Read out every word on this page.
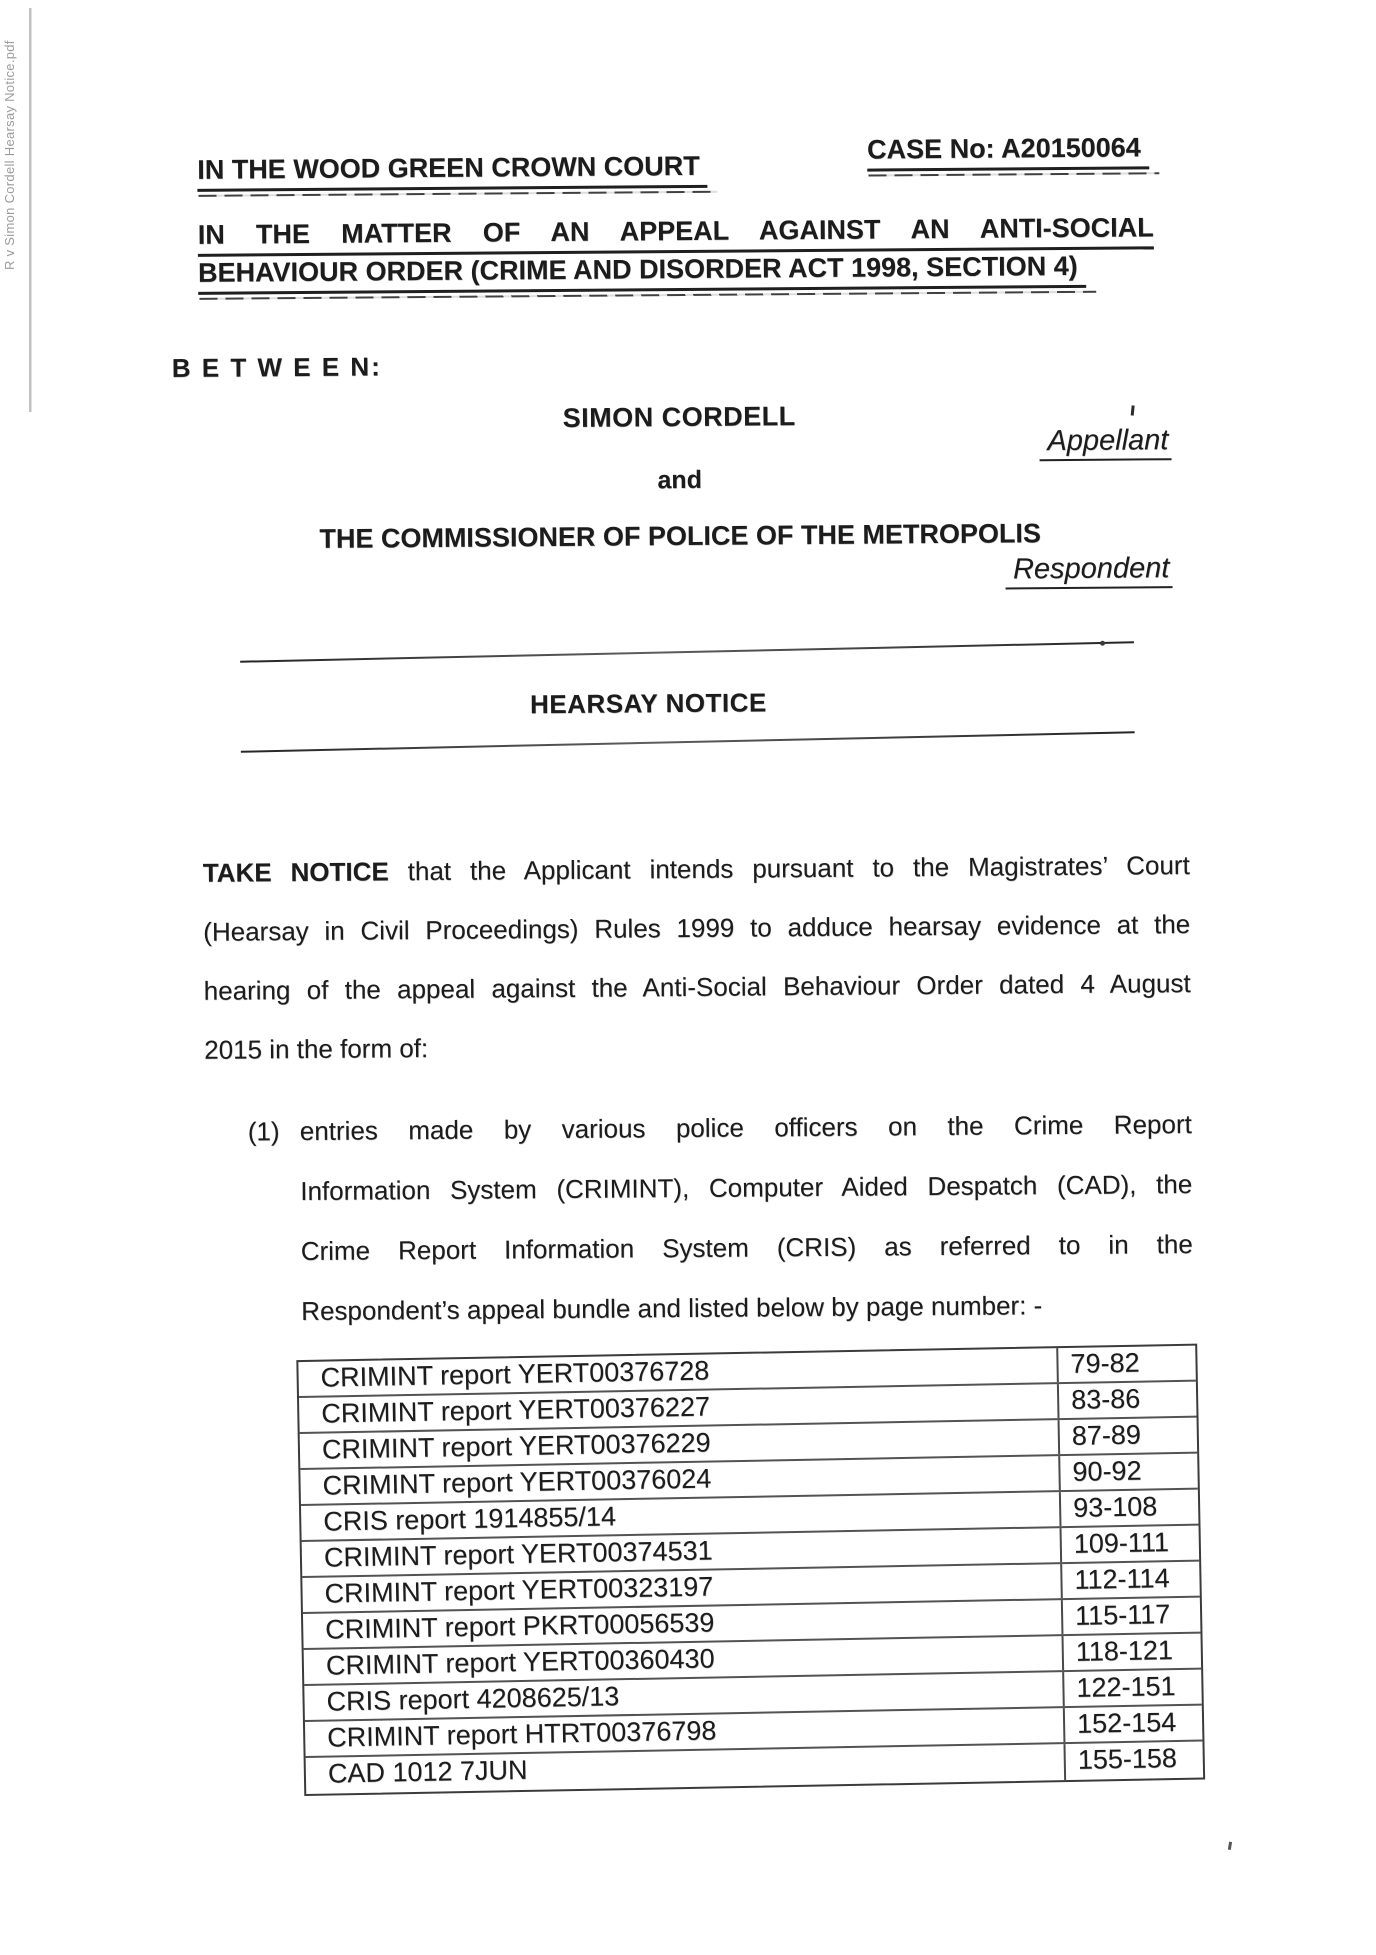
R v Simon Cordell Hearsay Notice.pdf	IN THE WOOD GREEN CROWN COURT
CASE No: A20150064
IN THE MATTER OF AN APPEAL AGAINST AN ANTI-SOCIAL
BEHAVIOUR ORDER (CRIME AND DISORDER ACT 1998, SECTION 4)
B E T W E E N:
SIMON CORDELL
Appellant
and
THE COMMISSIONER OF POLICE OF THE METROPOLIS
Respondent
HEARSAY NOTICE
TAKE NOTICE that the Applicant intends pursuant to the Magistrates’ Court
(Hearsay in Civil Proceedings) Rules 1999 to adduce hearsay evidence at the
hearing of the appeal against the Anti-Social Behaviour Order dated 4 August
2015 in the form of:
(1) entries made by various police officers on the Crime Report
Information System (CRIMINT), Computer Aided Despatch (CAD), the
Crime Report Information System (CRIS) as referred to in the
Respondent’s appeal bundle and listed below by page number: -
CRIMINT report YERT00376728	79-82
CRIMINT report YERT00376227	83-86
CRIMINT report YERT00376229	87-89
CRIMINT report YERT00376024	90-92
CRIS report 1914855/14	93-108
CRIMINT report YERT00374531	109-111
CRIMINT report YERT00323197	112-114
CRIMINT report PKRT00056539	115-117
CRIMINT report YERT00360430	118-121
CRIS report 4208625/13	122-151
CRIMINT report HTRT00376798	152-154
CAD 1012 7JUN	155-158
